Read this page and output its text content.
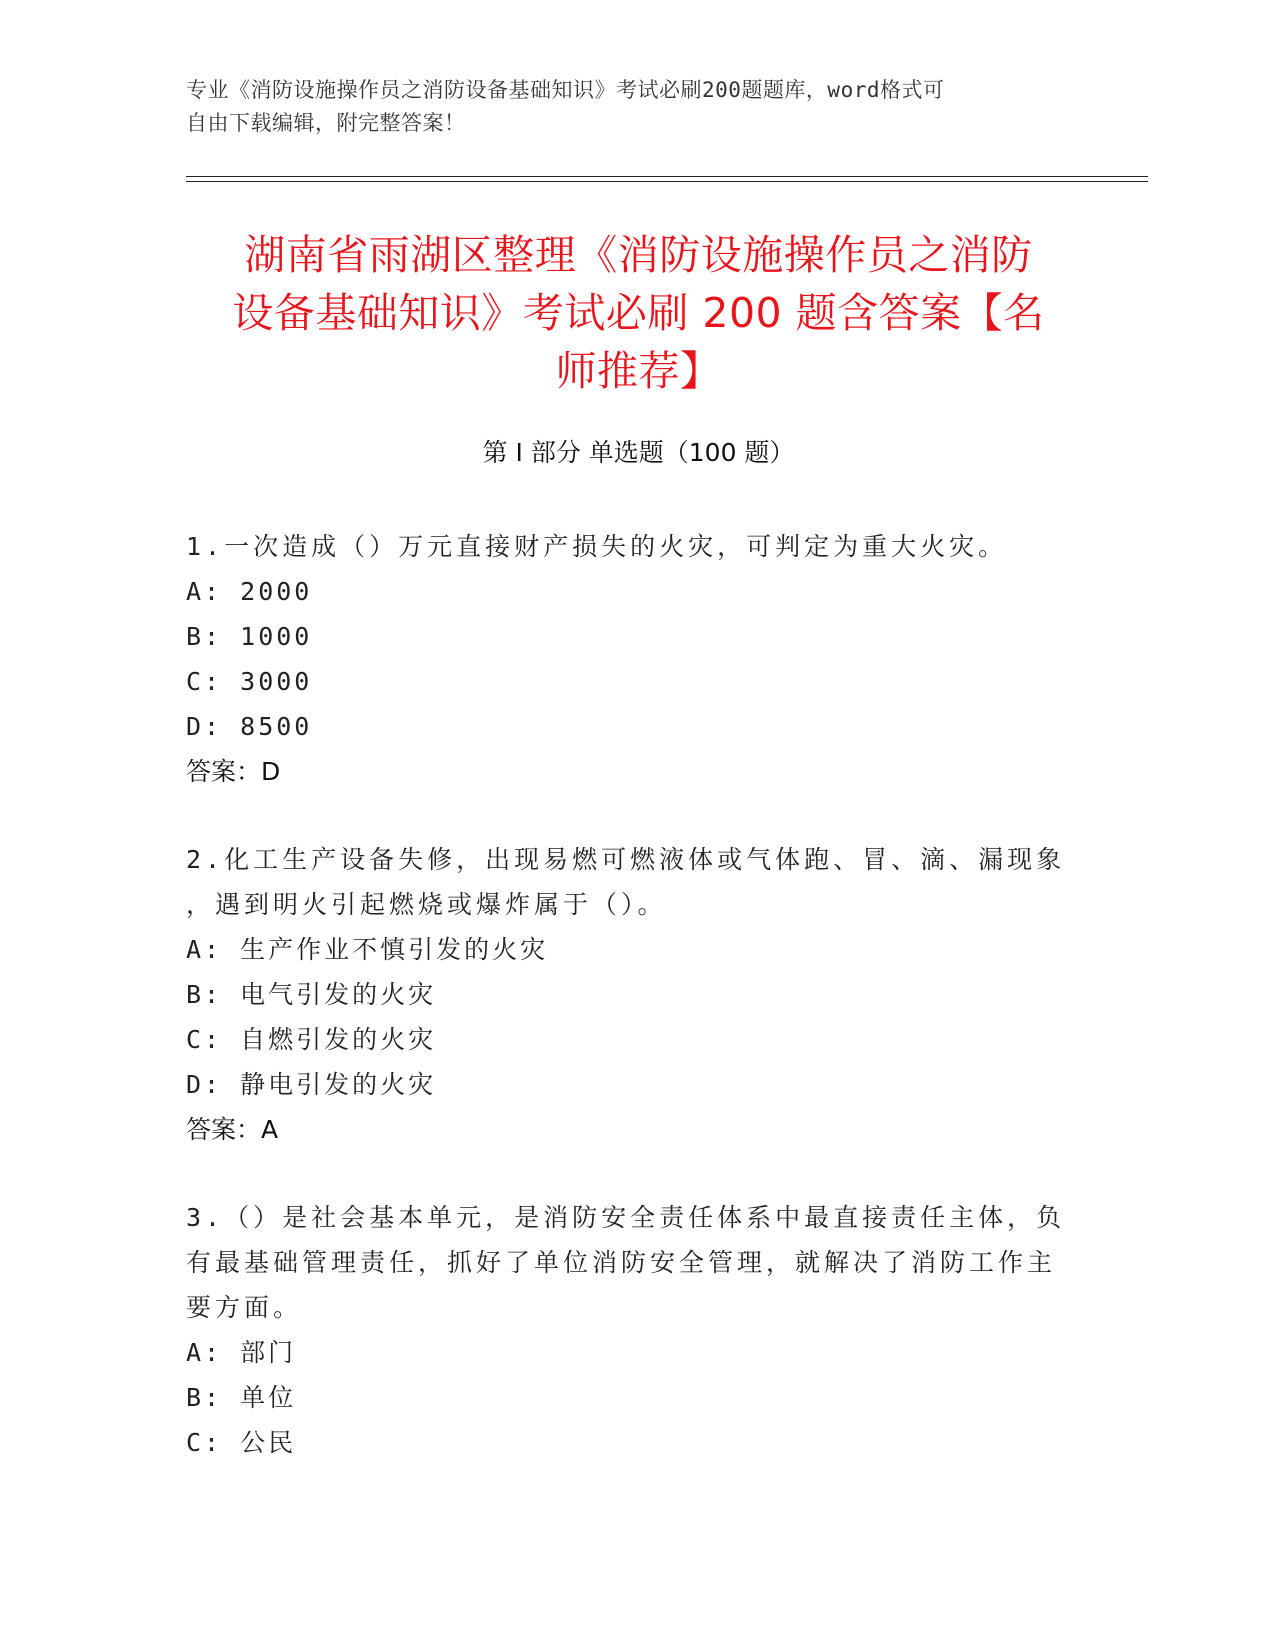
专业《消防设施操作员之消防设备基础知识》考试必刷200题题库，word格式可
自由下载编辑，附完整答案！
湖南省雨湖区整理《消防设施操作员之消防
设备基础知识》考试必刷 200 题含答案【名
师推荐】
第 I 部分 单选题（100 题）
1.一次造成（）万元直接财产损失的火灾，可判定为重大火灾。
A: 2000
B: 1000
C: 3000
D: 8500
答案：D
2.化工生产设备失修，出现易燃可燃液体或气体跑、冒、滴、漏现象
，遇到明火引起燃烧或爆炸属于（）。
A: 生产作业不慎引发的火灾
B: 电气引发的火灾
C: 自燃引发的火灾
D: 静电引发的火灾
答案：A
3.（）是社会基本单元，是消防安全责任体系中最直接责任主体，负
有最基础管理责任，抓好了单位消防安全管理，就解决了消防工作主
要方面。
A: 部门
B: 单位
C: 公民
